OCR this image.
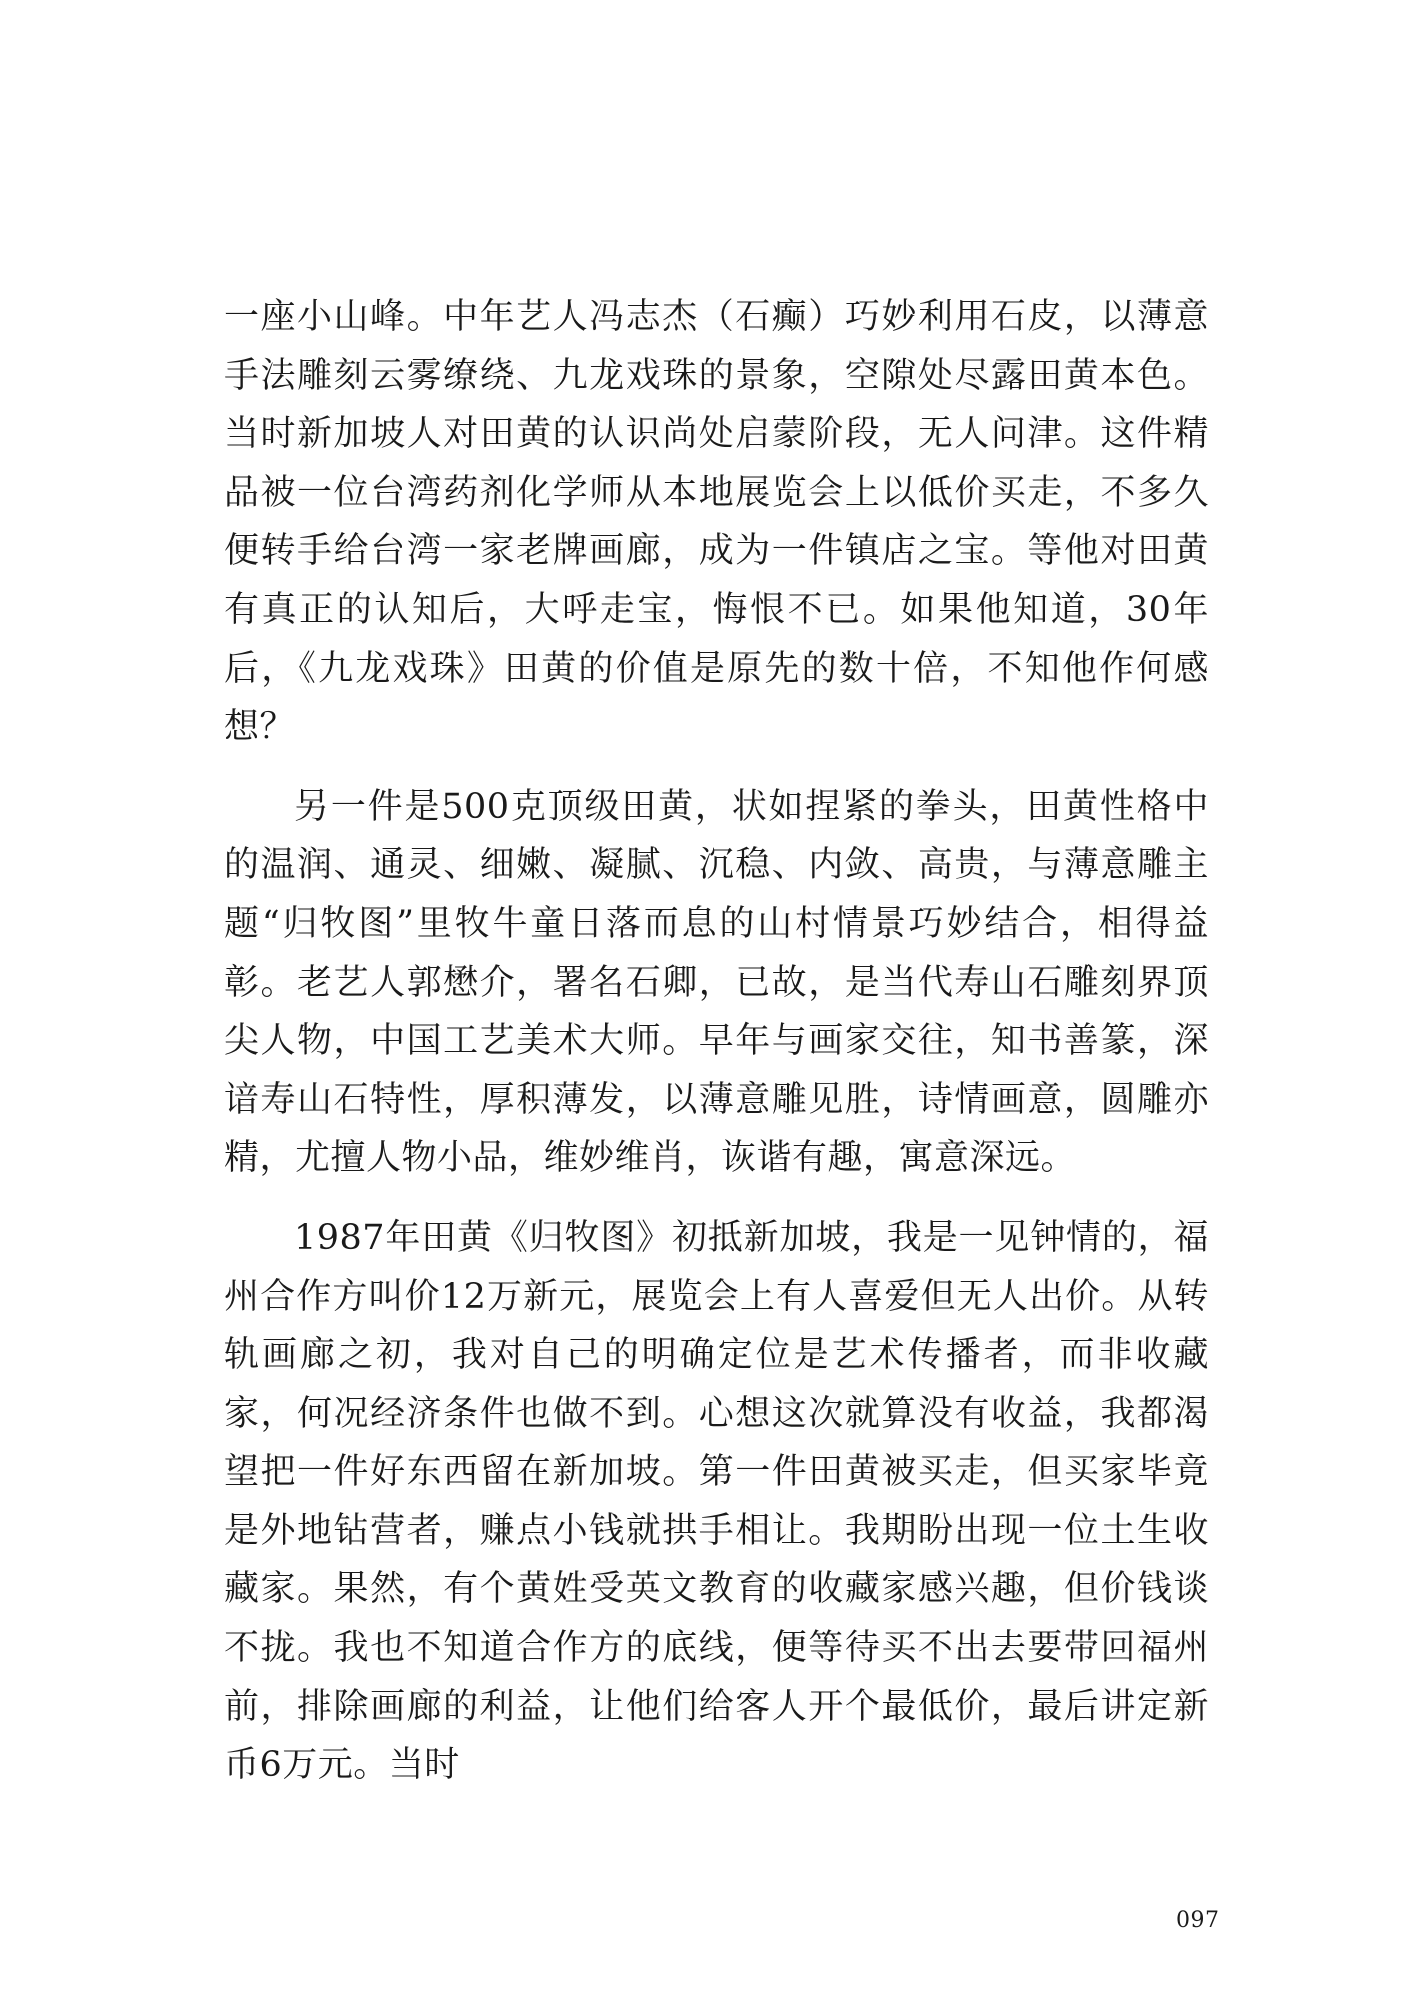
一座小山峰。中年艺人冯志杰（石癫）巧妙利用石皮，以薄意手法雕刻云雾缭绕、九龙戏珠的景象，空隙处尽露田黄本色。当时新加坡人对田黄的认识尚处启蒙阶段，无人问津。这件精品被一位台湾药剂化学师从本地展览会上以低价买走，不多久便转手给台湾一家老牌画廊，成为一件镇店之宝。等他对田黄有真正的认知后，大呼走宝，悔恨不已。如果他知道，30年后，《九龙戏珠》田黄的价值是原先的数十倍，不知他作何感想？

另一件是500克顶级田黄，状如捏紧的拳头，田黄性格中的温润、通灵、细嫩、凝腻、沉稳、内敛、高贵，与薄意雕主题“归牧图”里牧牛童日落而息的山村情景巧妙结合，相得益彰。老艺人郭懋介，署名石卿，已故，是当代寿山石雕刻界顶尖人物，中国工艺美术大师。早年与画家交往，知书善篆，深谙寿山石特性，厚积薄发，以薄意雕见胜，诗情画意，圆雕亦精，尤擅人物小品，维妙维肖，诙谐有趣，寓意深远。

1987年田黄《归牧图》初抵新加坡，我是一见钟情的，福州合作方叫价12万新元，展览会上有人喜爱但无人出价。从转轨画廊之初，我对自己的明确定位是艺术传播者，而非收藏家，何况经济条件也做不到。心想这次就算没有收益，我都渴望把一件好东西留在新加坡。第一件田黄被买走，但买家毕竟是外地钻营者，赚点小钱就拱手相让。我期盼出现一位土生收藏家。果然，有个黄姓受英文教育的收藏家感兴趣，但价钱谈不拢。我也不知道合作方的底线，便等待买不出去要带回福州前，排除画廊的利益，让他们给客人开个最低价，最后讲定新币6万元。当时

097
